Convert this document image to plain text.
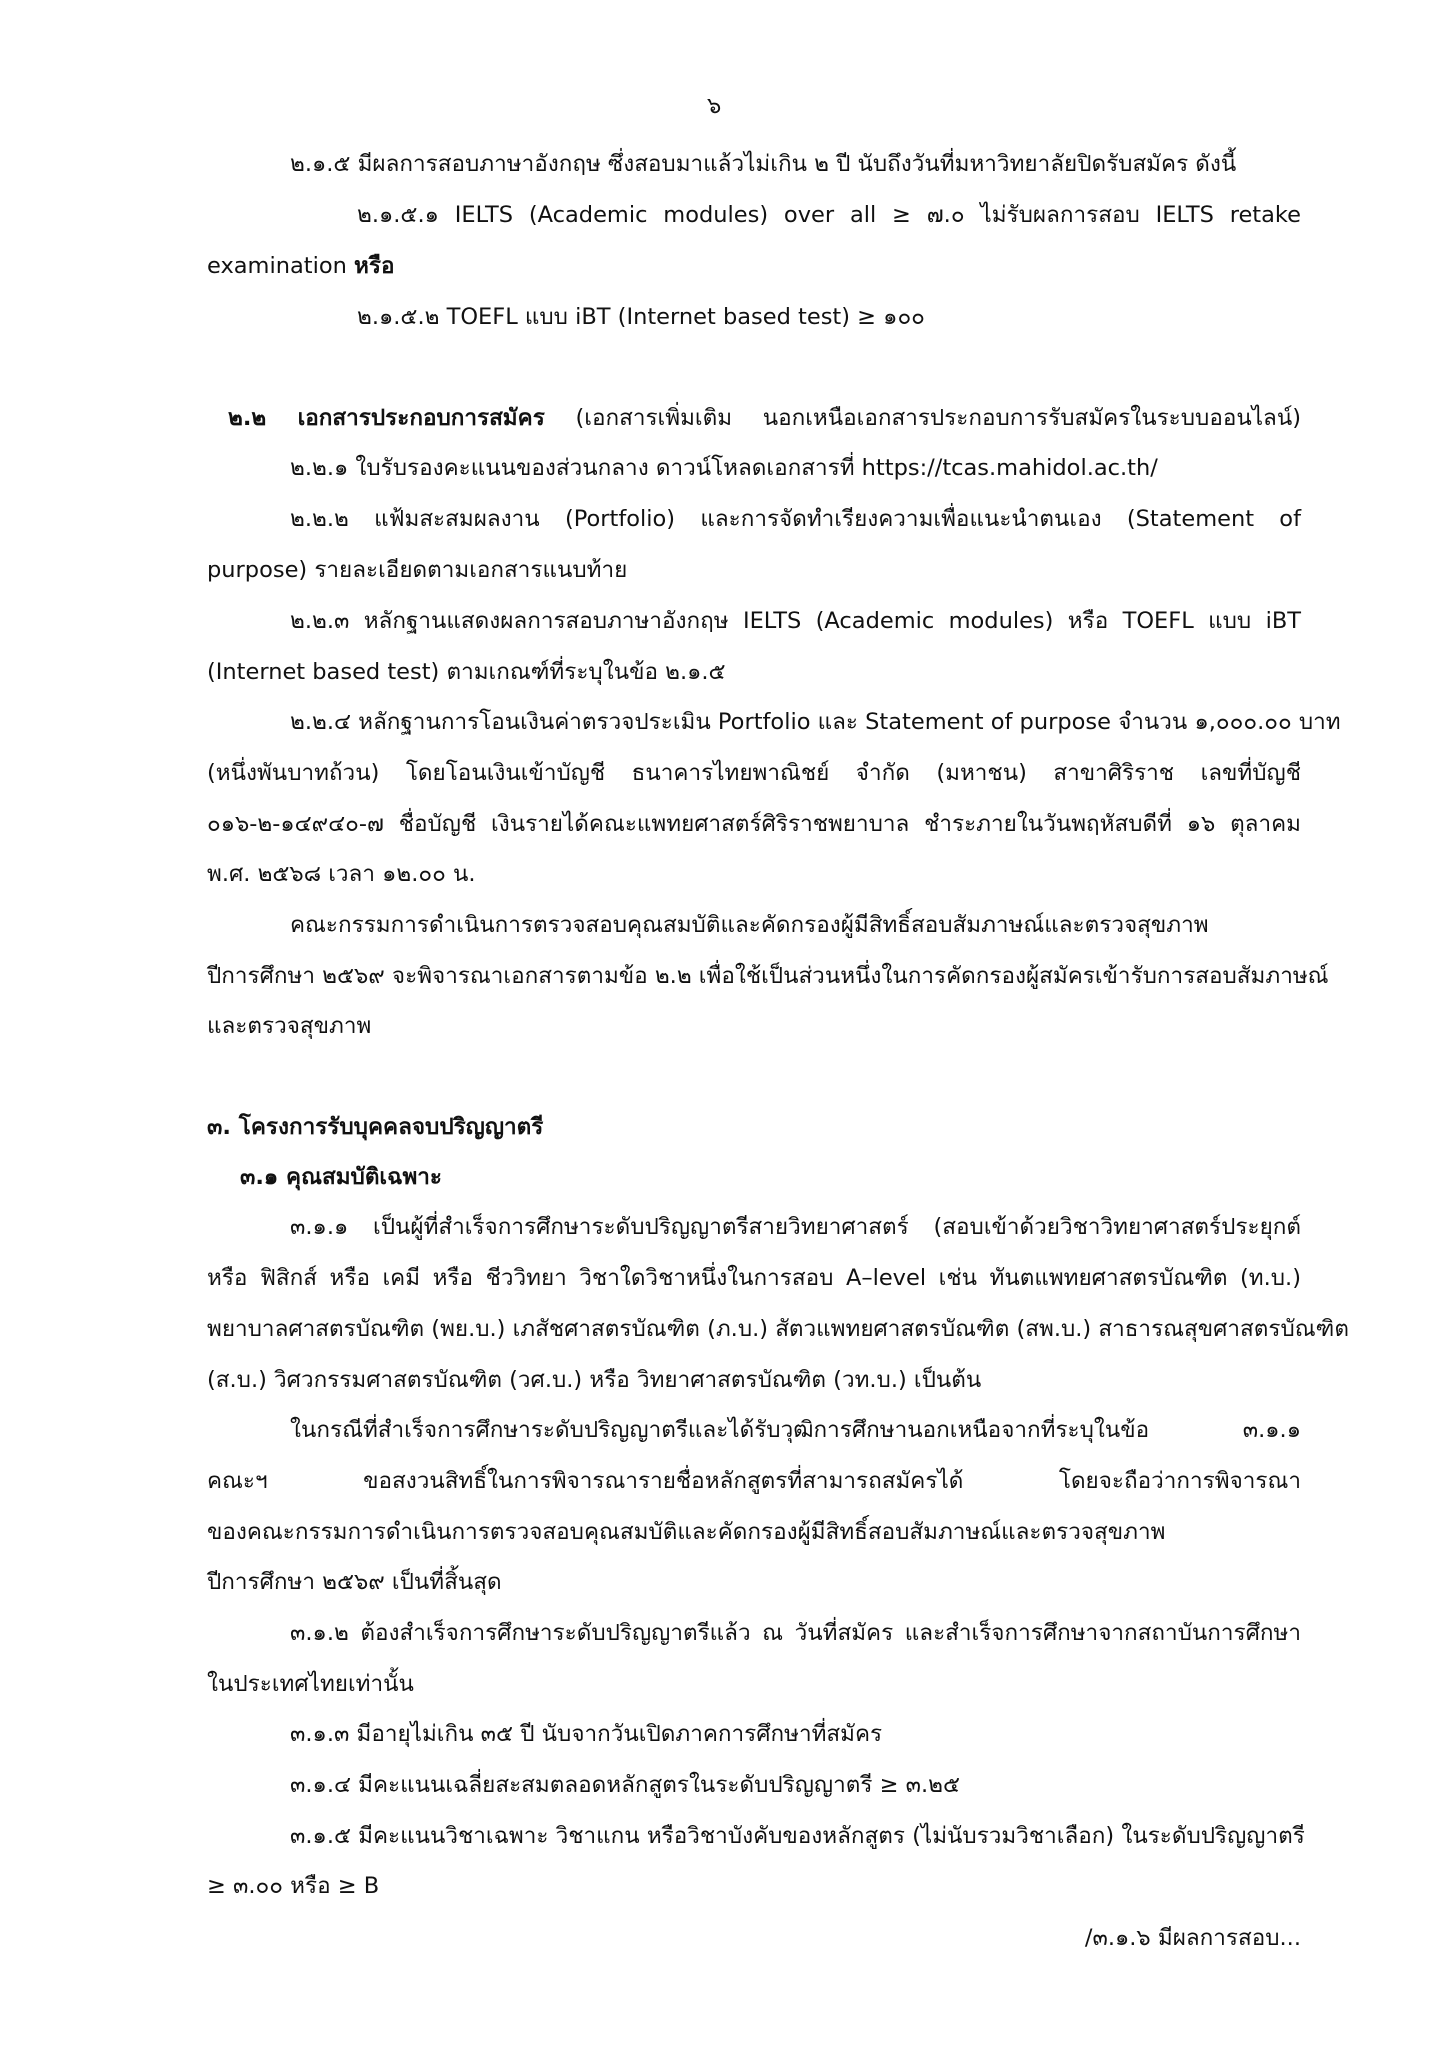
๖
๒.๑.๕ มีผลการสอบภาษาอังกฤษ ซึ่งสอบมาแล้วไม่เกิน ๒ ปี นับถึงวันที่มหาวิทยาลัยปิดรับสมัคร ดังนี้
๒.๑.๕.๑ IELTS (Academic modules) over all ≥ ๗.๐ ไม่รับผลการสอบ IELTS retake
examination หรือ
๒.๑.๕.๒ TOEFL แบบ iBT (Internet based test) ≥ ๑๐๐
๒.๒ เอกสารประกอบการสมัคร (เอกสารเพิ่มเติม นอกเหนือเอกสารประกอบการรับสมัครในระบบออนไลน์)
๒.๒.๑ ใบรับรองคะแนนของส่วนกลาง ดาวน์โหลดเอกสารที่ https://tcas.mahidol.ac.th/
๒.๒.๒ แฟ้มสะสมผลงาน (Portfolio) และการจัดทำเรียงความเพื่อแนะนำตนเอง (Statement of
purpose) รายละเอียดตามเอกสารแนบท้าย
๒.๒.๓ หลักฐานแสดงผลการสอบภาษาอังกฤษ IELTS (Academic modules) หรือ TOEFL แบบ iBT
(Internet based test) ตามเกณฑ์ที่ระบุในข้อ ๒.๑.๕
๒.๒.๔ หลักฐานการโอนเงินค่าตรวจประเมิน Portfolio และ Statement of purpose จำนวน ๑,๐๐๐.๐๐ บาท
(หนึ่งพันบาทถ้วน) โดยโอนเงินเข้าบัญชี ธนาคารไทยพาณิชย์ จำกัด (มหาชน) สาขาศิริราช เลขที่บัญชี
๐๑๖-๒-๑๔๙๔๐-๗ ชื่อบัญชี เงินรายได้คณะแพทยศาสตร์ศิริราชพยาบาล ชำระภายในวันพฤหัสบดีที่ ๑๖ ตุลาคม
พ.ศ. ๒๕๖๘ เวลา ๑๒.๐๐ น.
คณะกรรมการดำเนินการตรวจสอบคุณสมบัติและคัดกรองผู้มีสิทธิ์สอบสัมภาษณ์และตรวจสุขภาพ
ปีการศึกษา ๒๕๖๙ จะพิจารณาเอกสารตามข้อ ๒.๒ เพื่อใช้เป็นส่วนหนึ่งในการคัดกรองผู้สมัครเข้ารับการสอบสัมภาษณ์
และตรวจสุขภาพ
๓. โครงการรับบุคคลจบปริญญาตรี
๓.๑ คุณสมบัติเฉพาะ
๓.๑.๑ เป็นผู้ที่สำเร็จการศึกษาระดับปริญญาตรีสายวิทยาศาสตร์ (สอบเข้าด้วยวิชาวิทยาศาสตร์ประยุกต์
หรือ ฟิสิกส์ หรือ เคมี หรือ ชีววิทยา วิชาใดวิชาหนึ่งในการสอบ A–level เช่น ทันตแพทยศาสตรบัณฑิต (ท.บ.)
พยาบาลศาสตรบัณฑิต (พย.บ.) เภสัชศาสตรบัณฑิต (ภ.บ.) สัตวแพทยศาสตรบัณฑิต (สพ.บ.) สาธารณสุขศาสตรบัณฑิต
(ส.บ.) วิศวกรรมศาสตรบัณฑิต (วศ.บ.) หรือ วิทยาศาสตรบัณฑิต (วท.บ.) เป็นต้น
ในกรณีที่สำเร็จการศึกษาระดับปริญญาตรีและได้รับวุฒิการศึกษานอกเหนือจากที่ระบุในข้อ ๓.๑.๑
คณะฯ ขอสงวนสิทธิ์ในการพิจารณารายชื่อหลักสูตรที่สามารถสมัครได้ โดยจะถือว่าการพิจารณา
ของคณะกรรมการดำเนินการตรวจสอบคุณสมบัติและคัดกรองผู้มีสิทธิ์สอบสัมภาษณ์และตรวจสุขภาพ
ปีการศึกษา ๒๕๖๙ เป็นที่สิ้นสุด
๓.๑.๒ ต้องสำเร็จการศึกษาระดับปริญญาตรีแล้ว ณ วันที่สมัคร และสำเร็จการศึกษาจากสถาบันการศึกษา
ในประเทศไทยเท่านั้น
๓.๑.๓ มีอายุไม่เกิน ๓๕ ปี นับจากวันเปิดภาคการศึกษาที่สมัคร
๓.๑.๔ มีคะแนนเฉลี่ยสะสมตลอดหลักสูตรในระดับปริญญาตรี ≥ ๓.๒๕
๓.๑.๕ มีคะแนนวิชาเฉพาะ วิชาแกน หรือวิชาบังคับของหลักสูตร (ไม่นับรวมวิชาเลือก) ในระดับปริญญาตรี
≥ ๓.๐๐ หรือ ≥ B
/๓.๑.๖ มีผลการสอบ...
